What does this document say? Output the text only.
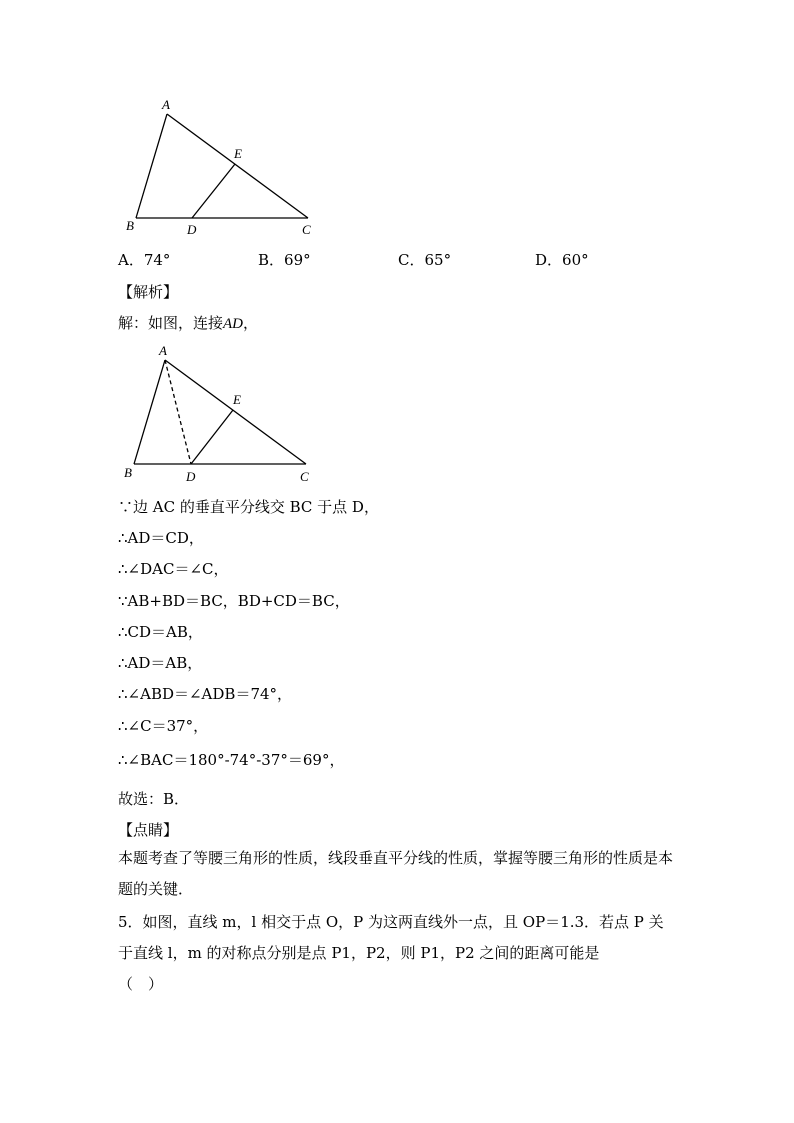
A
B	C
D
E
A．74°	B．69°	C．65°	D．60°
【解析】
解：如图，连接AD，
A
B	C
D
E
∵边 AC 的垂直平分线交 BC 于点 D，
∴AD＝CD，
∴∠DAC＝∠C，
∵AB+BD＝BC，BD+CD＝BC，
∴CD＝AB，
∴AD＝AB，
∴∠ABD＝∠ADB＝74°，
∴∠C＝37°，
∴∠BAC＝180°-74°-37°＝69°，
故选：B．
【点睛】
本题考查了等腰三角形的性质，线段垂直平分线的性质，掌握等腰三角形的性质是本题的关键．
5．如图，直线 m，l 相交于点 O，P 为这两直线外一点，且 OP＝1.3．若点 P 关
于直线 l，m 的对称点分别是点 P1，P2，则 P1，P2 之间的距离可能是
（　）
